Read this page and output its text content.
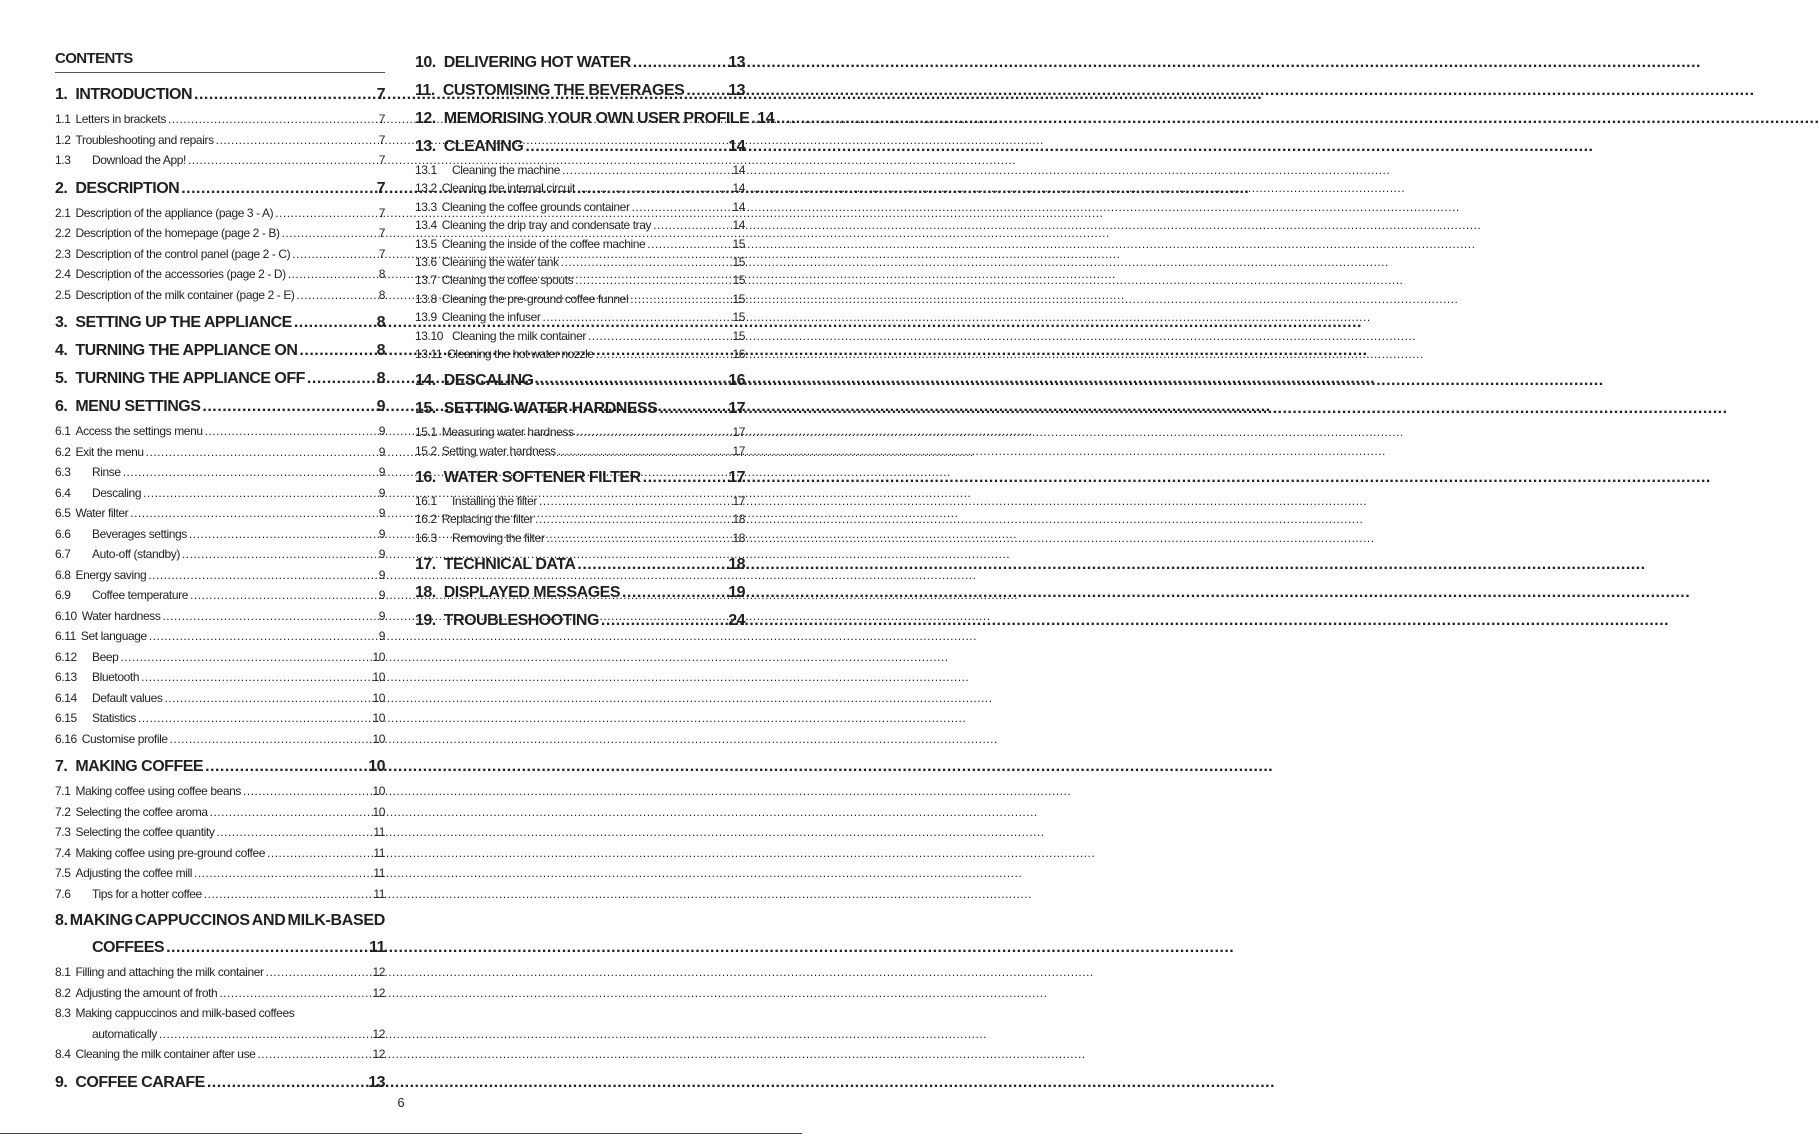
CONTENTS
1. INTRODUCTION .....	7
1.1 Letters in brackets .....	7
1.2 Troubleshooting and repairs .....	7
1.3	Download the App! .....	7
2. DESCRIPTION .....	7
2.1 Description of the appliance (page 3 - A) .....	7
2.2 Description of the homepage (page 2 - B) .....	7
2.3 Description of the control panel (page 2 - C) .....	7
2.4 Description of the accessories (page 2 - D) .....	8
2.5 Description of the milk container (page 2 - E) .....	8
3. SETTING UP THE APPLIANCE .....	8
4. TURNING THE APPLIANCE ON .....	8
5. TURNING THE APPLIANCE OFF .....	8
6. MENU SETTINGS .....	9
6.1 Access the settings menu .....	9
6.2 Exit the menu .....	9
6.3	Rinse .....	9
6.4	Descaling .....	9
6.5 Water filter .....	9
6.6	Beverages settings .....	9
6.7	Auto-off (standby) .....	9
6.8 Energy saving .....	9
6.9	Coffee temperature .....	9
6.10 Water hardness .....	9
6.11 Set language .....	9
6.12	Beep .....	10
6.13	Bluetooth .....	10
6.14	Default values .....	10
6.15	Statistics .....	10
6.16 Customise profile .....	10
7. MAKING COFFEE .....	10
7.1 Making coffee using coffee beans .....	10
7.2 Selecting the coffee aroma .....	10
7.3 Selecting the coffee quantity .....	11
7.4 Making coffee using pre-ground coffee .....	11
7.5 Adjusting the coffee mill .....	11
7.6	Tips for a hotter coffee .....	11
8. MAKING CAPPUCCINOS AND MILK-BASED
COFFEES .....	11
8.1 Filling and attaching the milk container .....	12
8.2 Adjusting the amount of froth .....	12
8.3 Making cappuccinos and milk-based coffees
automatically .....	12
8.4 Cleaning the milk container after use .....	12
9. COFFEE CARAFE .....	13
10. DELIVERING HOT WATER .....	13
11. CUSTOMISING THE BEVERAGES .....	13
12. MEMORISING YOUR OWN USER PROFILE ..... 14
13. CLEANING .....	14
13.1	Cleaning the machine .....	14
13.2 Cleaning the internal circuit .....	14
13.3 Cleaning the coffee grounds container .....	14
13.4 Cleaning the drip tray and condensate tray .....	14
13.5 Cleaning the inside of the coffee machine .....	15
13.6 Cleaning the water tank .....	15
13.7 Cleaning the coffee spouts .....	15
13.8 Cleaning the pre-ground coffee funnel .....	15
13.9 Cleaning the infuser .....	15
13.10 Cleaning the milk container .....	15
13.11 Cleaning the hot water nozzle .....	16
14. DESCALING .....	16
15. SETTING WATER HARDNESS .....	17
15.1 Measuring water hardness .....	17
15.2 Setting water hardness .....	17
16. WATER SOFTENER FILTER .....	17
16.1	Installing the filter .....	17
16.2 Replacing the filter .....	18
16.3	Removing the filter .....	18
17. TECHNICAL DATA .....	18
18. DISPLAYED MESSAGES .....	19
19. TROUBLESHOOTING .....	24
6
